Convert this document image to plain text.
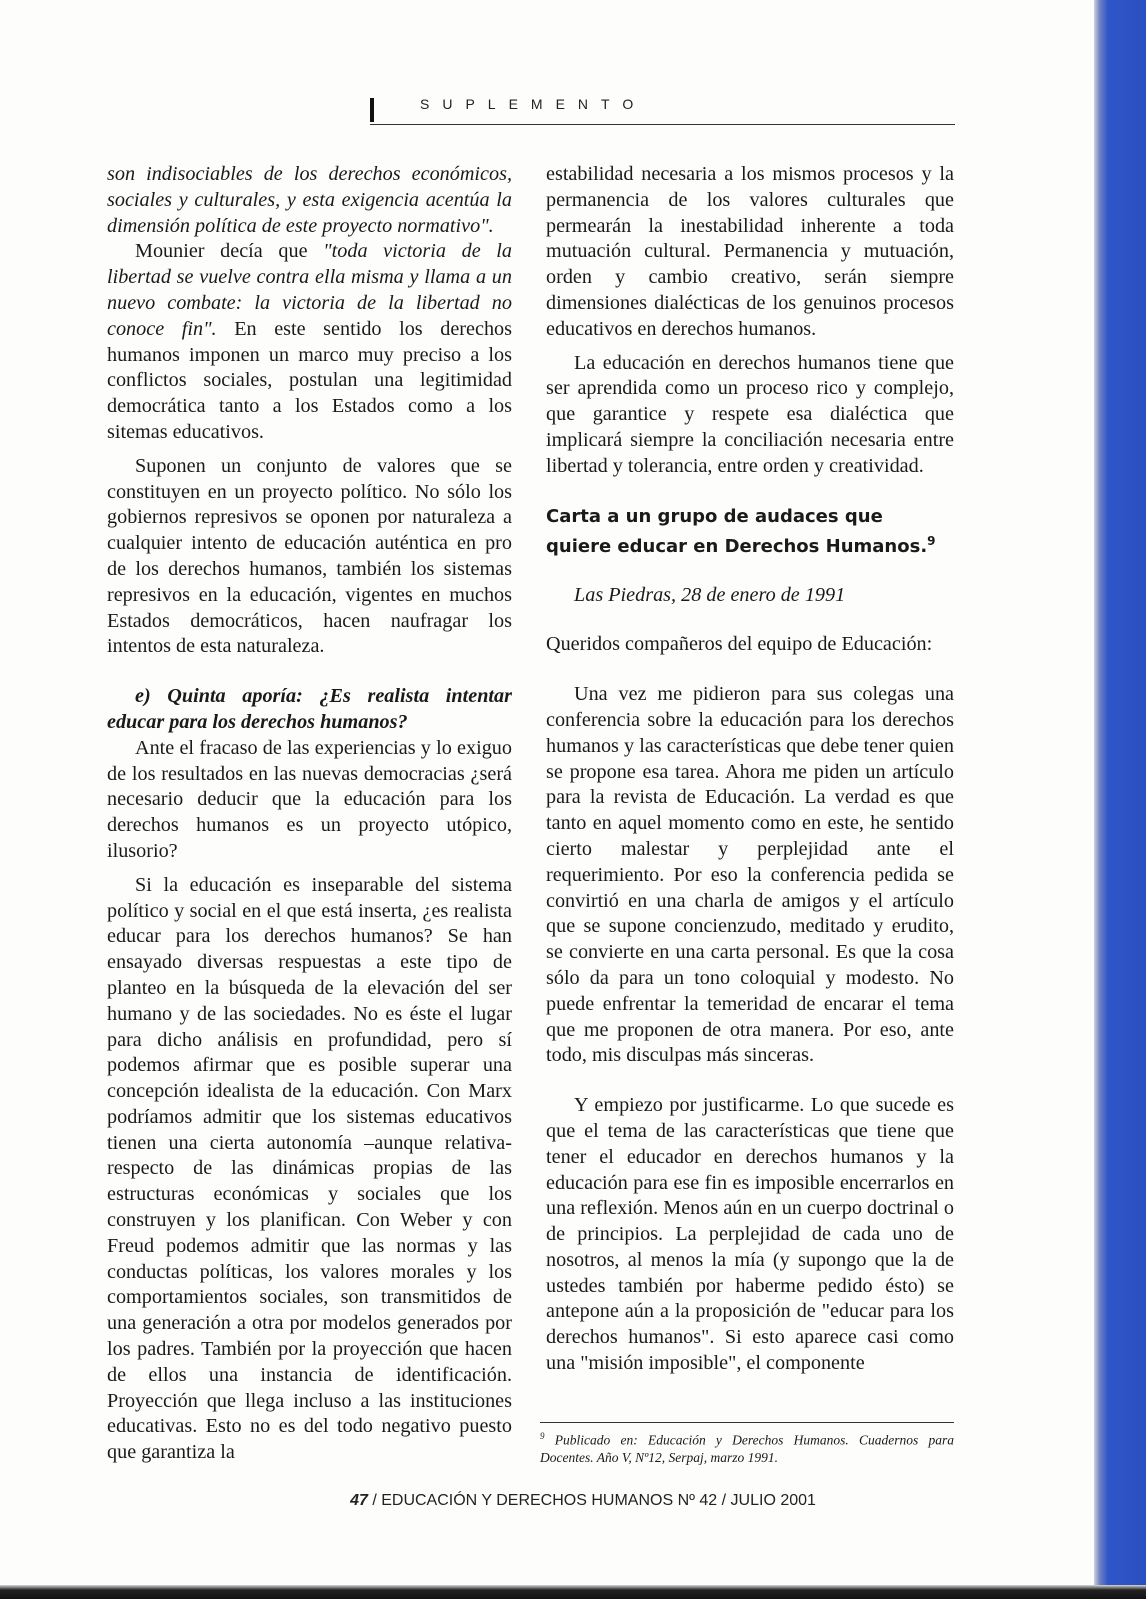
SUPLEMENTO

son indisociables de los derechos económicos, sociales y culturales, y esta exigencia acentúa la dimensión política de este proyecto normativo".

Mounier decía que "toda victoria de la libertad se vuelve contra ella misma y llama a un nuevo combate: la victoria de la libertad no conoce fin". En este sentido los derechos humanos imponen un marco muy preciso a los conflictos sociales, postulan una legitimidad democrática tanto a los Estados como a los sitemas educativos.

Suponen un conjunto de valores que se constituyen en un proyecto político. No sólo los gobiernos represivos se oponen por naturaleza a cualquier intento de educación auténtica en pro de los derechos humanos, también los sistemas represivos en la educación, vigentes en muchos Estados democráticos, hacen naufragar los intentos de esta naturaleza.

e) Quinta aporía: ¿Es realista intentar educar para los derechos humanos?

Ante el fracaso de las experiencias y lo exiguo de los resultados en las nuevas democracias ¿será necesario deducir que la educación para los derechos humanos es un proyecto utópico, ilusorio?

Si la educación es inseparable del sistema político y social en el que está inserta, ¿es realista educar para los derechos humanos? Se han ensayado diversas respuestas a este tipo de planteo en la búsqueda de la elevación del ser humano y de las sociedades. No es éste el lugar para dicho análisis en profundidad, pero sí podemos afirmar que es posible superar una concepción idealista de la educación. Con Marx podríamos admitir que los sistemas educativos tienen una cierta autonomía –aunque relativa- respecto de las dinámicas propias de las estructuras económicas y sociales que los construyen y los planifican. Con Weber y con Freud podemos admitir que las normas y las conductas políticas, los valores morales y los comportamientos sociales, son transmitidos de una generación a otra por modelos generados por los padres. También por la proyección que hacen de ellos una instancia de identificación. Proyección que llega incluso a las instituciones educativas. Esto no es del todo negativo puesto que garantiza la

estabilidad necesaria a los mismos procesos y la permanencia de los valores culturales que permearán la inestabilidad inherente a toda mutuación cultural. Permanencia y mutuación, orden y cambio creativo, serán siempre dimensiones dialécticas de los genuinos procesos educativos en derechos humanos.

La educación en derechos humanos tiene que ser aprendida como un proceso rico y complejo, que garantice y respete esa dialéctica que implicará siempre la conciliación necesaria entre libertad y tolerancia, entre orden y creatividad.

Carta a un grupo de audaces que quiere educar en Derechos Humanos.$^9$

Las Piedras, 28 de enero de 1991

Queridos compañeros del equipo de Educación:

Una vez me pidieron para sus colegas una conferencia sobre la educación para los derechos humanos y las características que debe tener quien se propone esa tarea. Ahora me piden un artículo para la revista de Educación. La verdad es que tanto en aquel momento como en este, he sentido cierto malestar y perplejidad ante el requerimiento. Por eso la conferencia pedida se convirtió en una charla de amigos y el artículo que se supone concienzudo, meditado y erudito, se convierte en una carta personal. Es que la cosa sólo da para un tono coloquial y modesto. No puede enfrentar la temeridad de encarar el tema que me proponen de otra manera. Por eso, ante todo, mis disculpas más sinceras.

Y empiezo por justificarme. Lo que sucede es que el tema de las características que tiene que tener el educador en derechos humanos y la educación para ese fin es imposible encerrarlos en una reflexión. Menos aún en un cuerpo doctrinal o de principios. La perplejidad de cada uno de nosotros, al menos la mía (y supongo que la de ustedes también por haberme pedido ésto) se antepone aún a la proposición de "educar para los derechos humanos". Si esto aparece casi como una "misión imposible", el componente

$^9$ Publicado en: Educación y Derechos Humanos. Cuadernos para Docentes. Año V, Nº12, Serpaj, marzo 1991.
47 / EDUCACIÓN Y DERECHOS HUMANOS Nº 42 / JULIO 2001
